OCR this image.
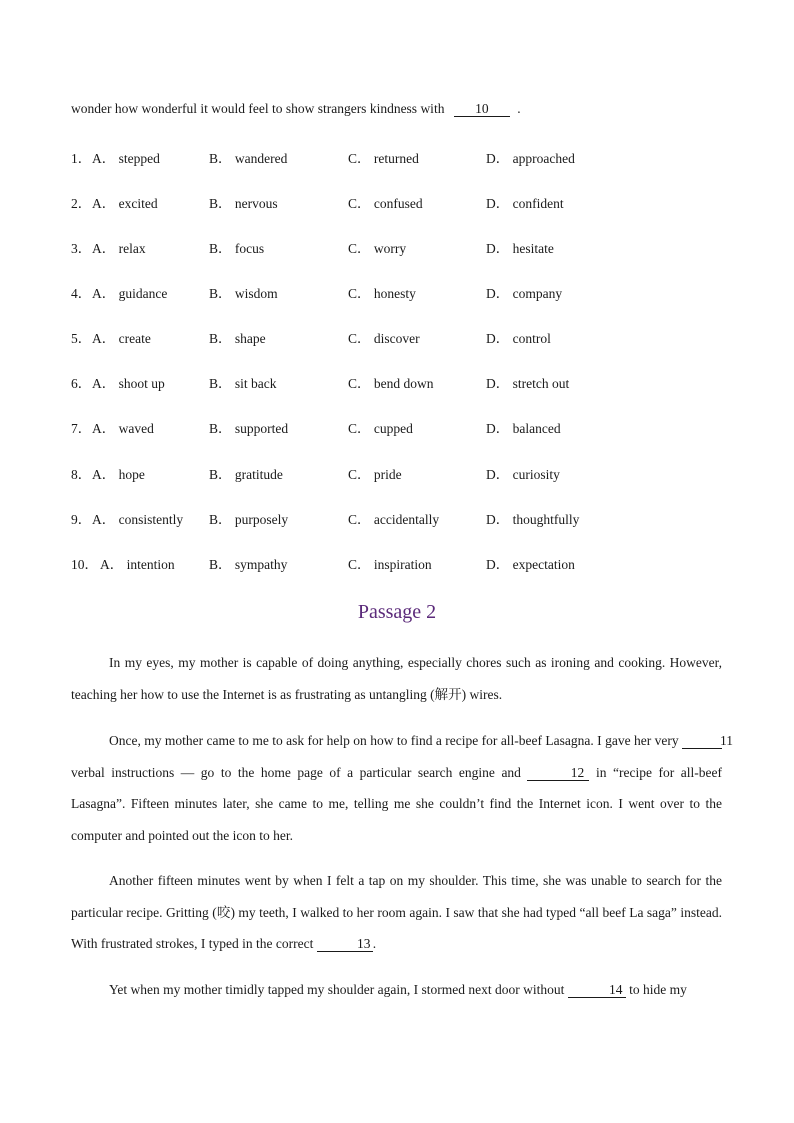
wonder how wonderful it would feel to show strangers kindness with 10 .
1． A． stepped	B． wandered	C． returned	D． approached
2． A． excited	B． nervous	C． confused	D． confident
3． A． relax	B． focus	C． worry	D． hesitate
4． A． guidance	B． wisdom	C． honesty	D． company
5． A． create	B． shape	C． discover	D． control
6． A． shoot up	B． sit back	C． bend down	D． stretch out
7． A． waved	B． supported	C． cupped	D． balanced
8． A． hope	B． gratitude	C． pride	D． curiosity
9． A． consistently B． purposely	C． accidentally	D． thoughtfully
10． A． intention	B． sympathy	C． inspiration	D． expectation
Passage 2

In my eyes, my mother is capable of doing anything, especially chores such as ironing and cooking. However, teaching her how to use the Internet is as frustrating as untangling (解开) wires.

Once, my mother came to me to ask for help on how to find a recipe for all-beef Lasagna. I gave her very	11 verbal instructions — go to the home page of a particular search engine and	12 in “recipe for all-beef Lasagna”. Fifteen minutes later, she came to me, telling me she couldn’t find the Internet icon. I went over to the computer and pointed out the icon to her.

Another fifteen minutes went by when I felt a tap on my shoulder. This time, she was unable to search for the particular recipe. Gritting (咬) my teeth, I walked to her room again. I saw that she had typed “all beef La saga” instead. With frustrated strokes, I typed in the correct	13 .

Yet when my mother timidly tapped my shoulder again, I stormed next door without	14 to hide my
